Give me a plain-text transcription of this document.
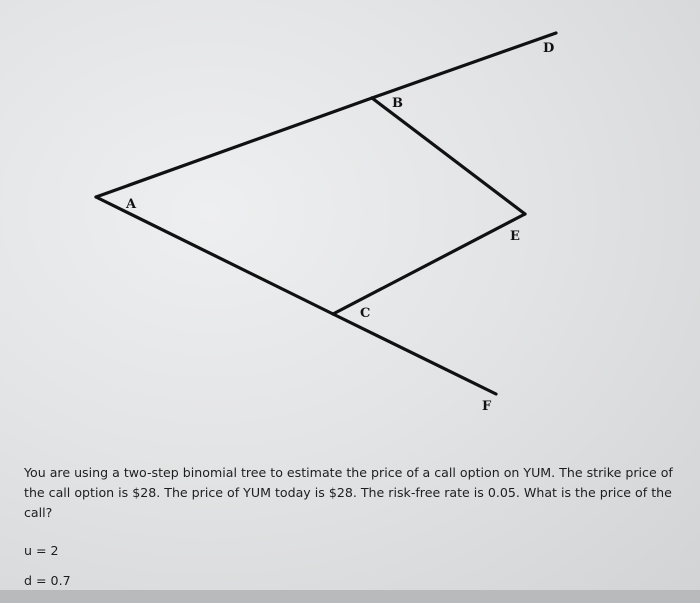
A
B
C
D
E
F

You are using a two-step binomial tree to estimate the price of a call option on YUM. The strike price of the call option is $28. The price of YUM today is $28. The risk-free rate is 0.05. What is the price of the call?

u = 2

d = 0.7
